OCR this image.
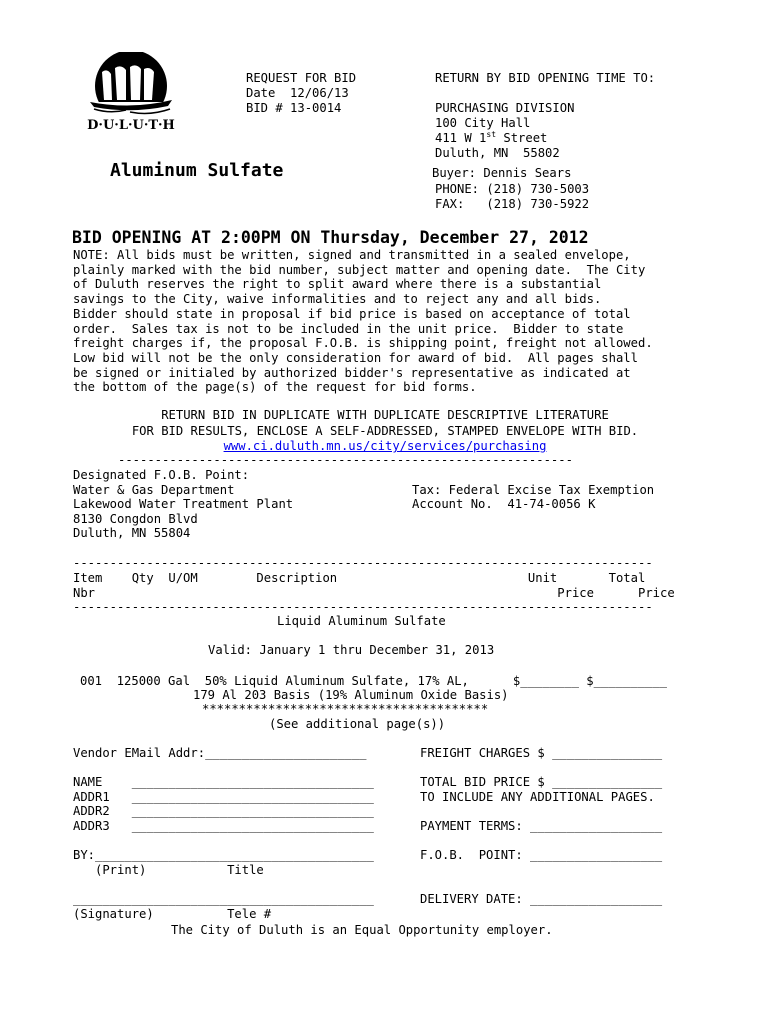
D·U·L·U·T·H
REQUEST FOR BID
Date  12/06/13
BID # 13-0014
RETURN BY BID OPENING TIME TO:
PURCHASING DIVISION
100 City Hall
411 W 1st Street
Duluth, MN  55802
Buyer: Dennis Sears
PHONE: (218) 730-5003
FAX:   (218) 730-5922
Aluminum Sulfate
BID OPENING AT 2:00PM ON Thursday, December 27, 2012
NOTE: All bids must be written, signed and transmitted in a sealed envelope,
plainly marked with the bid number, subject matter and opening date.  The City
of Duluth reserves the right to split award where there is a substantial
savings to the City, waive informalities and to reject any and all bids.
Bidder should state in proposal if bid price is based on acceptance of total
order.  Sales tax is not to be included in the unit price.  Bidder to state
freight charges if, the proposal F.O.B. is shipping point, freight not allowed.
Low bid will not be the only consideration for award of bid.  All pages shall
be signed or initialed by authorized bidder's representative as indicated at
the bottom of the page(s) of the request for bid forms.
RETURN BID IN DUPLICATE WITH DUPLICATE DESCRIPTIVE LITERATURE
FOR BID RESULTS, ENCLOSE A SELF-ADDRESSED, STAMPED ENVELOPE WITH BID.
www.ci.duluth.mn.us/city/services/purchasing
--------------------------------------------------------------
Designated F.O.B. Point:
Water & Gas Department
Lakewood Water Treatment Plant
8130 Congdon Blvd
Duluth, MN 55804
Tax: Federal Excise Tax Exemption
Account No.  41-74-0056 K
-------------------------------------------------------------------------------
Item    Qty  U/OM        Description                          Unit       Total
Nbr                                                               Price      Price
-------------------------------------------------------------------------------
Liquid Aluminum Sulfate
Valid: January 1 thru December 31, 2013
001  125000 Gal  50% Liquid Aluminum Sulfate, 17% AL,      $________ $__________
179 Al 203 Basis (19% Aluminum Oxide Basis)
***************************************
(See additional page(s))
Vendor EMail Addr:______________________

NAME    _________________________________
ADDR1   _________________________________
ADDR2   _________________________________
ADDR3   _________________________________

BY:______________________________________
(Print)           Title

_________________________________________
(Signature)          Tele #
FREIGHT CHARGES $ _______________

TOTAL BID PRICE $ _______________
TO INCLUDE ANY ADDITIONAL PAGES.

PAYMENT TERMS: __________________

F.O.B.  POINT: __________________

DELIVERY DATE: __________________
The City of Duluth is an Equal Opportunity employer.
